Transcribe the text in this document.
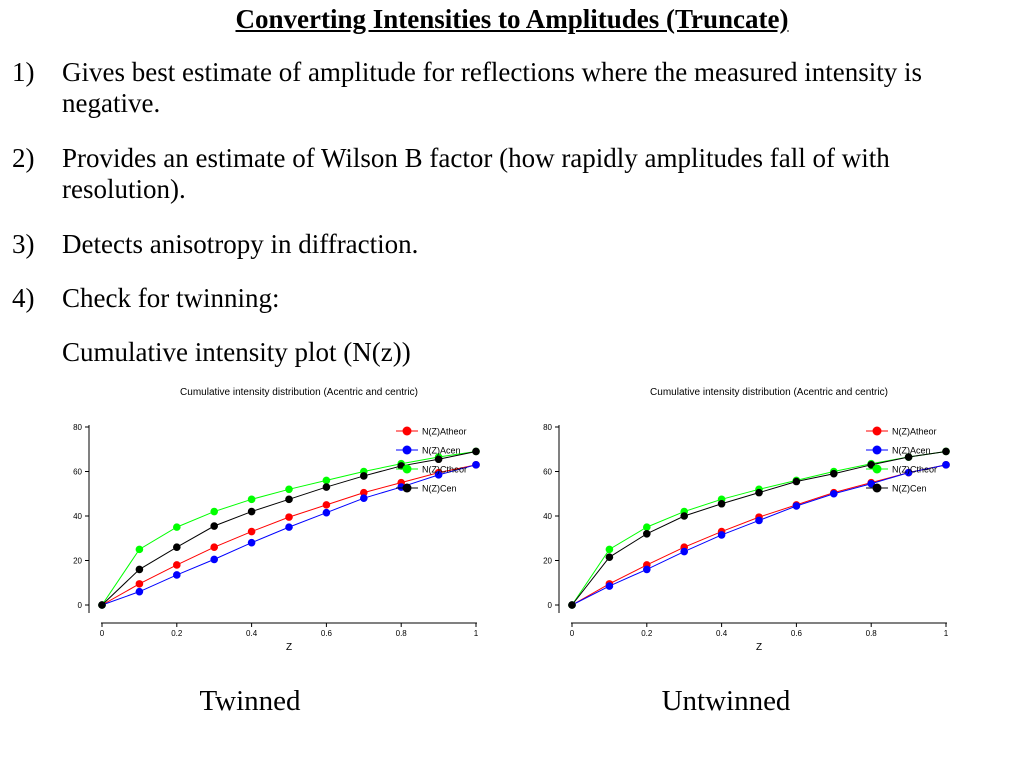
Converting Intensities to Amplitudes (Truncate)
1)	Gives best estimate of amplitude for reflections where the measured intensity is negative.
2)	Provides an estimate of Wilson B factor (how rapidly amplitudes fall of with resolution).
3)	Detects anisotropy in diffraction.
4)	Check for twinning:
Cumulative intensity plot (N(z))
Cumulative intensity distribution (Acentric and centric)
0
20
40
60
80
0	0.2	0.4	0.6	0.8	1
Z
N(Z)Atheor
N(Z)Acen
N(Z)Ctheor
N(Z)Cen
Cumulative intensity distribution (Acentric and centric)
0
20
40
60
80
0	0.2	0.4	0.6	0.8	1
Z
N(Z)Atheor
N(Z)Acen
N(Z)Ctheor
N(Z)Cen
Twinned	Untwinned
